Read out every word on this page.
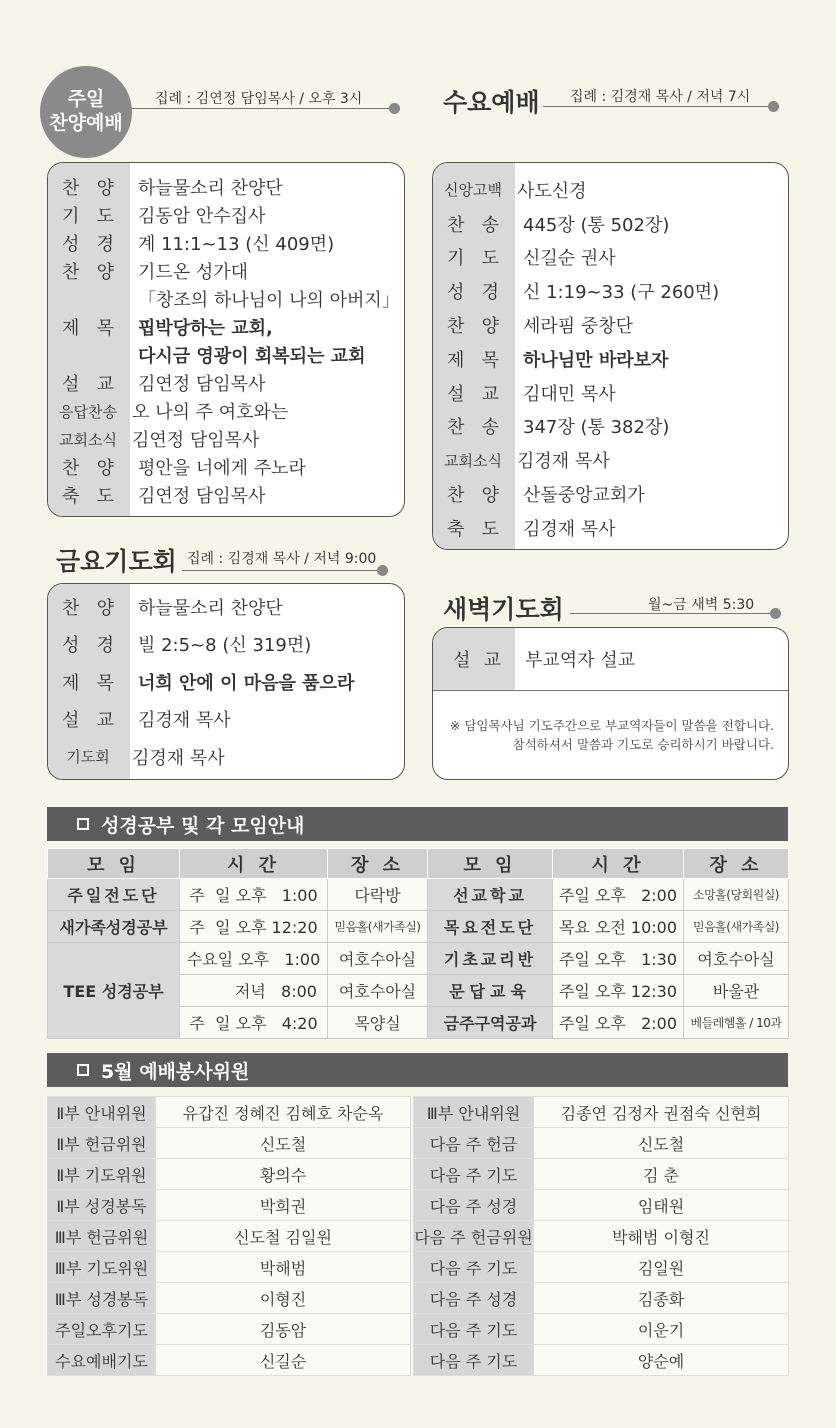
주일
찬양예배
집례 : 김연정 담임목사 / 오후 3시
찬 양 하늘물소리 찬양단
기 도 김동암 안수집사
성 경 계 11:1~13 (신 409면)
찬 양 기드온 성가대
「창조의 하나님이 나의 아버지」
제 목 핍박당하는 교회,
다시금 영광이 회복되는 교회
설 교 김연정 담임목사
응답찬송 오 나의 주 여호와는
교회소식 김연정 담임목사
찬 양 평안을 너에게 주노라
축 도 김연정 담임목사
수요예배 집례 : 김경재 목사 / 저녁 7시
신앙고백 사도신경
찬 송 445장 (통 502장)
기 도 신길순 권사
성 경 신 1:19~33 (구 260면)
찬 양 세라핌 중창단
제 목 하나님만 바라보자
설 교 김대민 목사
찬 송 347장 (통 382장)
교회소식 김경재 목사
찬 양 산돌중앙교회가
축 도 김경재 목사
금요기도회 집례 : 김경재 목사 / 저녁 9:00
찬 양 하늘물소리 찬양단
성 경 빌 2:5~8 (신 319면)
제 목 너희 안에 이 마음을 품으라
설 교 김경재 목사
기도회	김경재 목사
새벽기도회	월~금 새벽 5:30
설 교 부교역자 설교
※ 담임목사님 기도주간으로 부교역자들이 말씀을 전합니다.
참석하셔서 말씀과 기도로 승리하시기 바랍니다.
성경공부 및 각 모임안내
모 임	시 간	장 소	모 임	시 간	장 소
주일전도단	주  일 오후   1:00	다락방	선교학교	주일 오후   2:00	소망홀(당회원실)
새가족성경공부	주  일 오후 12:20	믿음홀(새가족실)	목요전도단	목요 오전 10:00	믿음홀(새가족실)
TEE 성경공부	수요일 오후   1:00	여호수아실	기초교리반	주일 오후   1:30	여호수아실
	저녁   8:00	여호수아실	문답교육	주일 오후 12:30	바울관
	주  일 오후   4:20	목양실	금주구역공과	주일 오후   2:00	베들레헴홀 / 10과
5월 예배봉사위원
Ⅱ부 안내위원	유갑진 정혜진 김혜호 차순옥		Ⅲ부 안내위원	김종연 김정자 권점숙 신현희
Ⅱ부 헌금위원	신도철		다음 주 헌금	신도철
Ⅱ부 기도위원	황의수		다음 주 기도	김 춘
Ⅱ부 성경봉독	박희권		다음 주 성경	임태원
Ⅲ부 헌금위원	신도철 김일원		다음 주 헌금위원	박해범 이형진
Ⅲ부 기도위원	박해범		다음 주 기도	김일원
Ⅲ부 성경봉독	이형진		다음 주 성경	김종화
주일오후기도	김동암		다음 주 기도	이운기
수요예배기도	신길순		다음 주 기도	양순예
